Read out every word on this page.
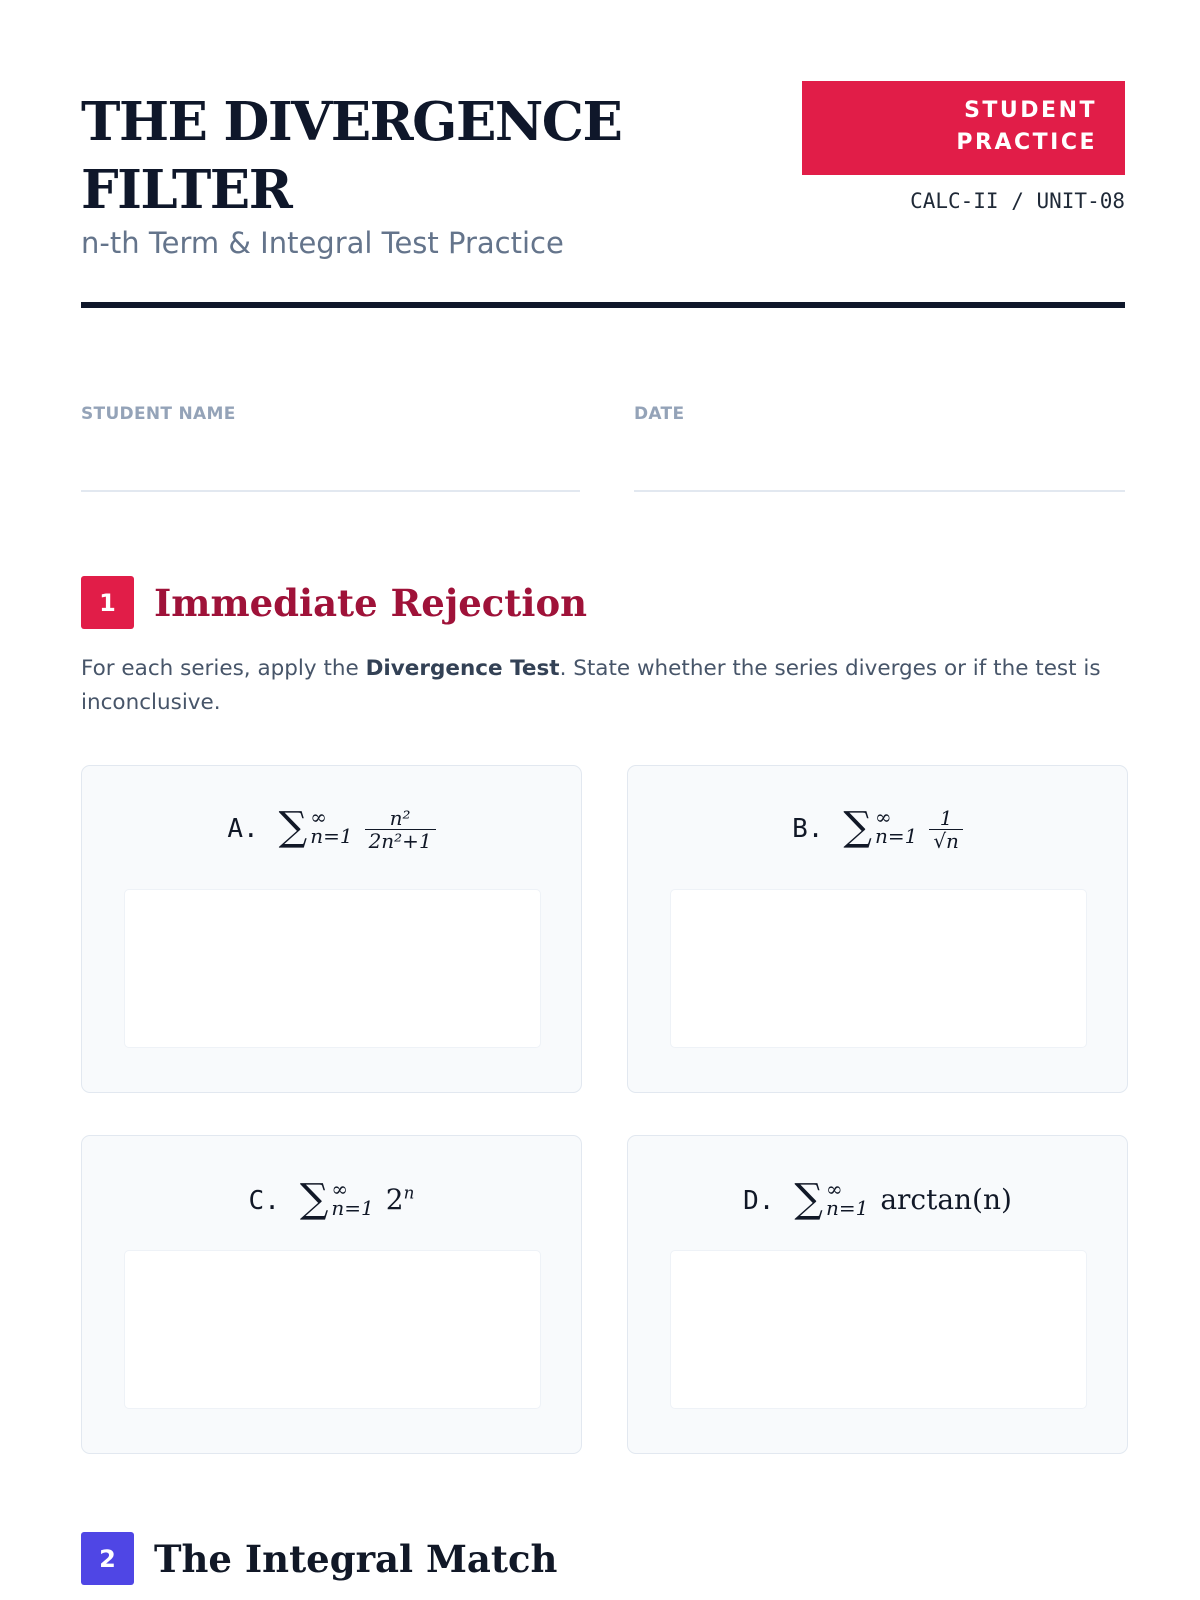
THE DIVERGENCE
FILTER
n-th Term & Integral Test Practice
STUDENT
PRACTICE
CALC-II / UNIT-08
STUDENT NAME	DATE
1	Immediate Rejection
For each series, apply the Divergence Test. State whether the series diverges or if the test is inconclusive.
A. ∑ ∞
$n=1 \frac{\text{n²}}{\text{2n²+1}}$	B. ∑ ∞
$n=1 \frac{1}{√n}$
C. ∑ ∞
n=1 2$^n$	D. ∑ ∞
n=1 arctan(n)
2	The Integral Match
